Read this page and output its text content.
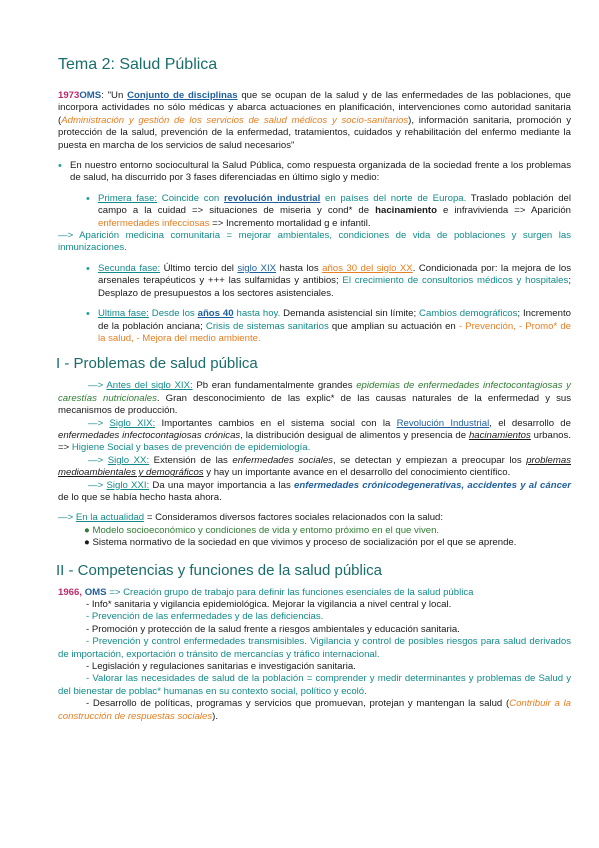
Tema 2: Salud Pública

1973OMS: "Un Conjunto de disciplinas que se ocupan de la salud y de las enfermedades de las poblaciones, que incorpora actividades no sólo médicas y abarca actuaciones en planificación, intervenciones como autoridad sanitaria (Administración y gestión de los servicios de salud médicos y socio-sanitarios), información sanitaria, promoción y protección de la salud, prevención de la enfermedad, tratamientos, cuidados y rehabilitación del enfermo mediante la puesta en marcha de los servicios de salud necesarios"

• En nuestro entorno sociocultural la Salud Pública, como respuesta organizada de la sociedad frente a los problemas de salud, ha discurrido por 3 fases diferenciadas en último siglo y medio:

• Primera fase: Coincide con revolución industrial en países del norte de Europa. Traslado población del campo a la cuidad => situaciones de miseria y cond* de hacinamiento e infravivienda => Aparición enfermedades infecciosas => Incremento mortalidad g e infantil.

—> Aparición medicina comunitaria = mejorar ambientales, condiciones de vida de poblaciones y surgen las inmunizaciones.

• Secunda fase: Último tercio del siglo XIX hasta los años 30 del siglo XX. Condicionada por: la mejora de los arsenales terapéuticos y +++ las sulfamidas y antibios; El crecimiento de consultorios médicos y hospitales; Desplazo de presupuestos a los sectores asistenciales.

• Ultima fase: Desde los años 40 hasta hoy. Demanda asistencial sin límite; Cambios demográficos; Incremento de la población anciana; Crisis de sistemas sanitarios que amplian su actuación en - Prevención, - Promo* de la salud, - Mejora del medio ambiente.

I - Problemas de salud pública

—> Antes del siglo XIX: Pb eran fundamentalmente grandes epidemias de enfermedades infectocontagiosas y carestías nutricionales. Gran desconocimiento de las explic* de las causas naturales de la enfermedad y sus mecanismos de producción.

—> Siglo XIX: Importantes cambios en el sistema social con la Revolución Industrial, el desarrollo de enfermedades infectocontagiosas crónicas, la distribución desigual de alimentos y presencia de hacinamientos urbanos. => Higiene Social y bases de prevención de epidemiología.

—> Siglo XX: Extensión de las enfermedades sociales, se detectan y empiezan a preocupar los problemas medioambientales y demográficos y hay un importante avance en el desarrollo del conocimiento científico.

—> Siglo XXI: Da una mayor importancia a las enfermedades crónicodegenerativas, accidentes y al cáncer de lo que se había hecho hasta ahora.

—> En la actualidad = Consideramos diversos factores sociales relacionados con la salud:

● Modelo socioeconómico y condiciones de vida y entorno próximo en el que viven.

● Sistema normativo de la sociedad en que vivimos y proceso de socialización por el que se aprende.

II - Competencias y funciones de la salud pública

1966, OMS => Creación grupo de trabajo para definir las funciones esenciales de la salud pública

- Info* sanitaria y vigilancia epidemiológica. Mejorar la vigilancia a nivel central y local.

- Prevención de las enfermedades y de las deficiencias.

- Promoción y protección de la salud frente a riesgos ambientales y educación sanitaria.

- Prevención y control enfermedades transmisibles. Vigilancia y control de posibles riesgos para salud derivados de importación, exportación o tránsito de mercancías y tráfico internacional.

- Legislación y regulaciones sanitarias e investigación sanitaria.

- Valorar las necesidades de salud de la población = comprender y medir determinantes y problemas de Salud y del bienestar de poblac* humanas en su contexto social, político y ecoló.

- Desarrollo de políticas, programas y servicios que promuevan, protejan y mantengan la salud (Contribuir a la construcción de respuestas sociales).
